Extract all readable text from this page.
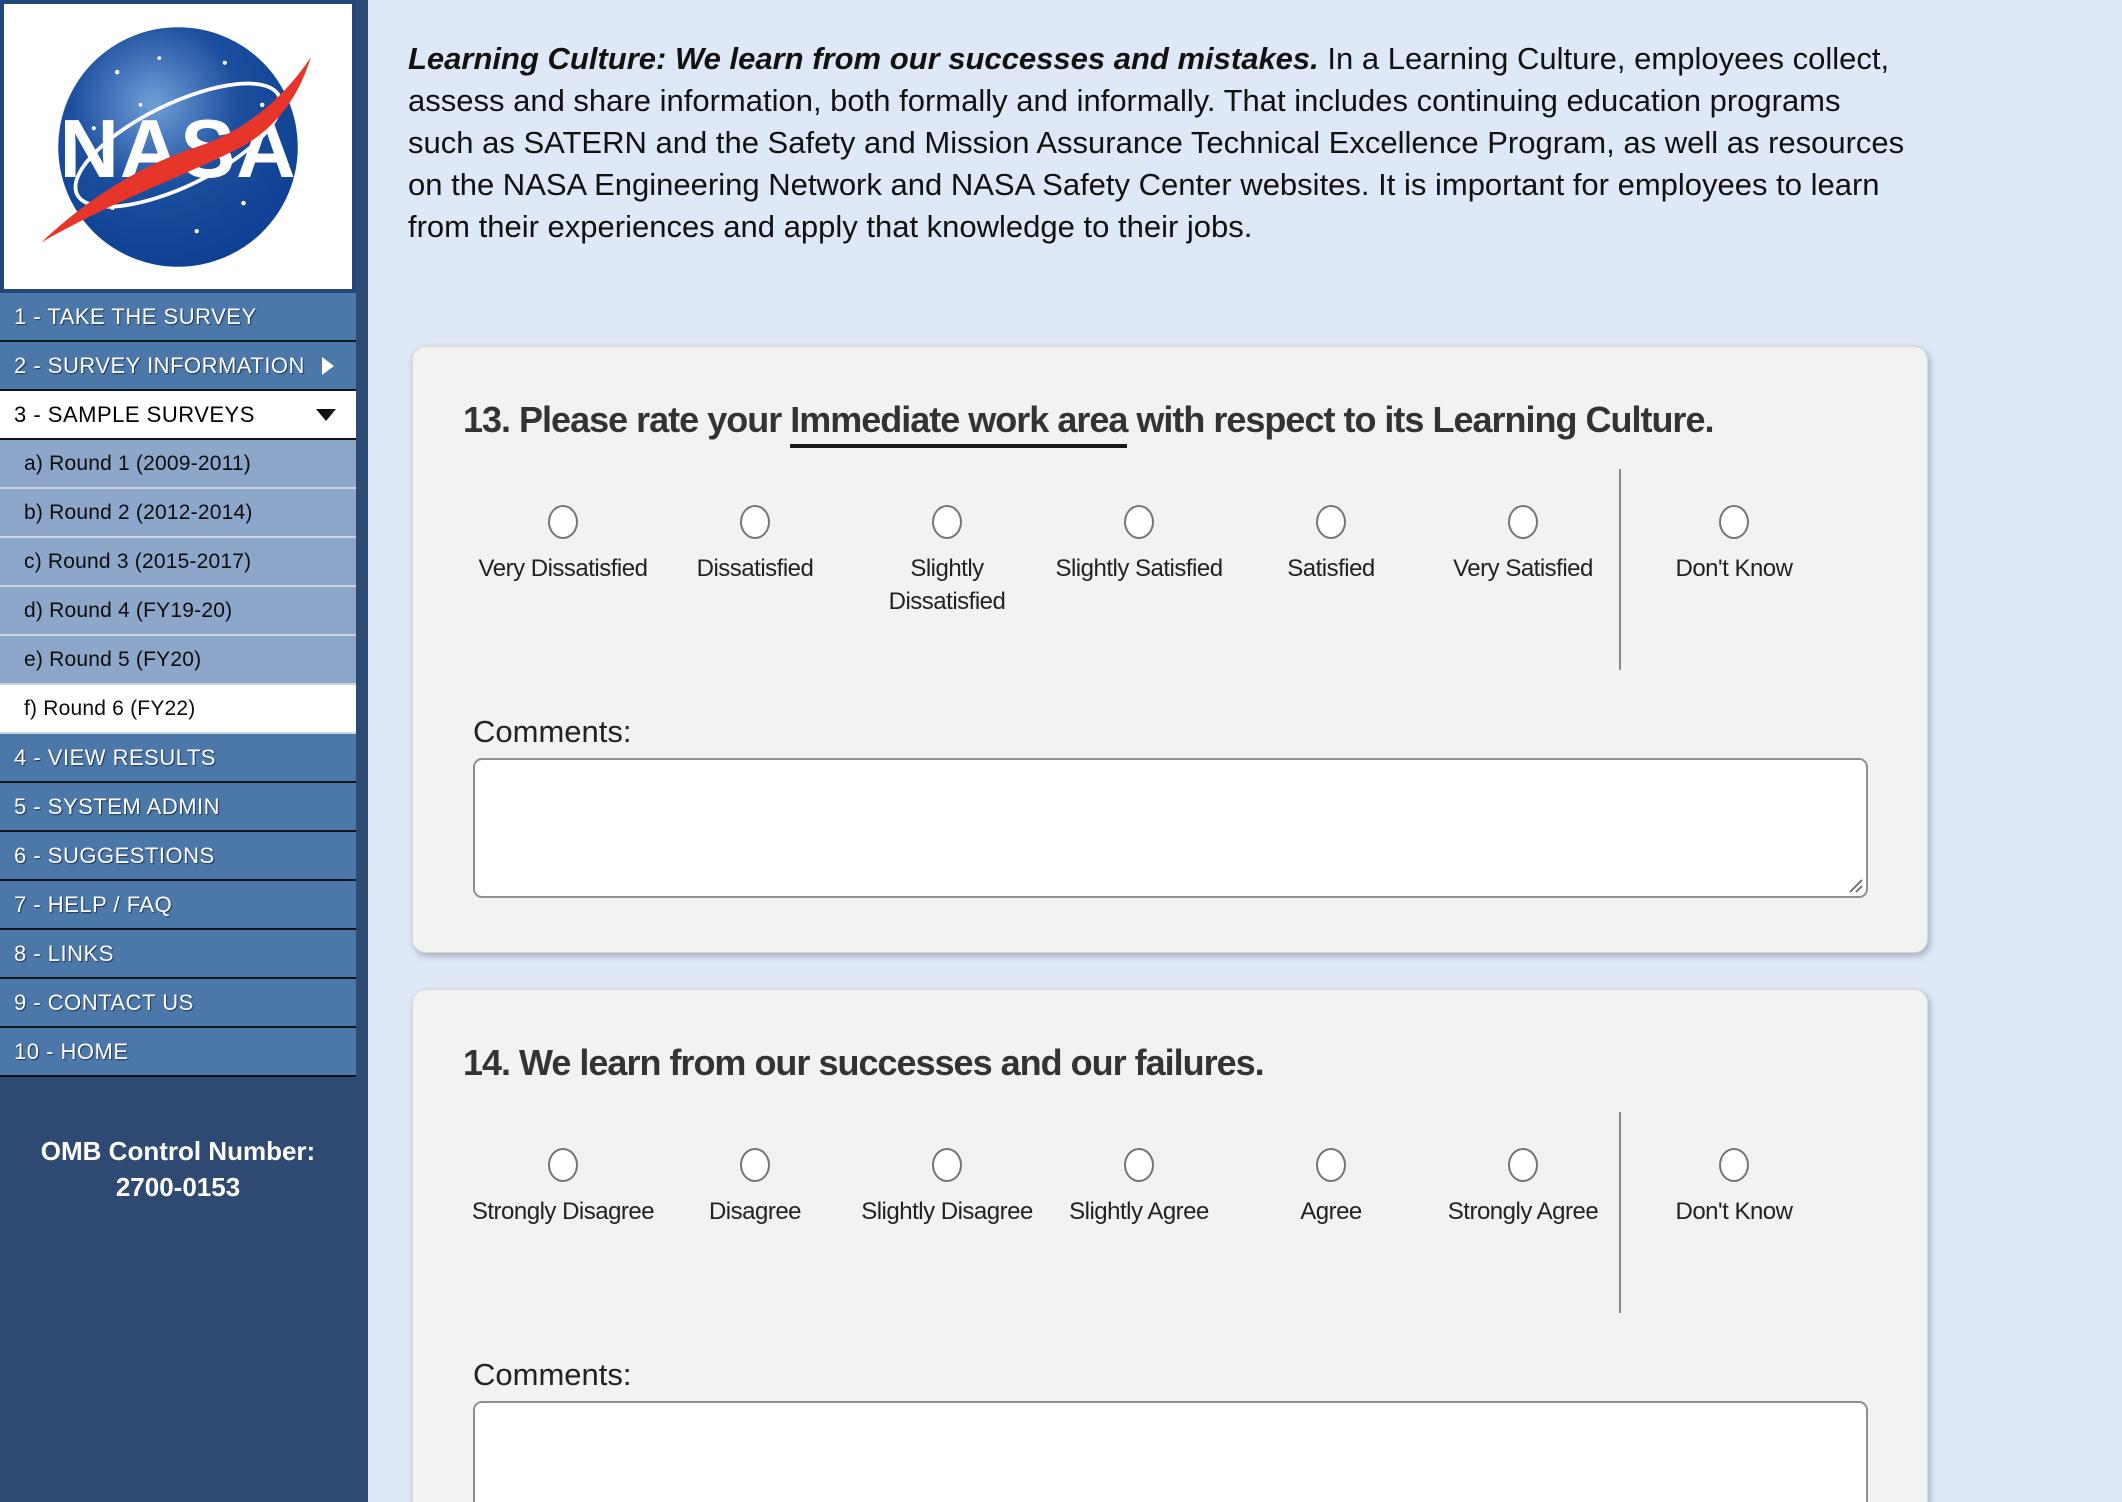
NASA
1 - TAKE THE SURVEY
2 - SURVEY INFORMATION
3 - SAMPLE SURVEYS
a) Round 1 (2009-2011)
b) Round 2 (2012-2014)
c) Round 3 (2015-2017)
d) Round 4 (FY19-20)
e) Round 5 (FY20)
f) Round 6 (FY22)
4 - VIEW RESULTS
5 - SYSTEM ADMIN
6 - SUGGESTIONS
7 - HELP / FAQ
8 - LINKS
9 - CONTACT US
10 - HOME
OMB Control Number:
2700-0153

Learning Culture: We learn from our successes and mistakes. In a Learning Culture, employees collect, assess and share information, both formally and informally. That includes continuing education programs such as SATERN and the Safety and Mission Assurance Technical Excellence Program, as well as resources on the NASA Engineering Network and NASA Safety Center websites. It is important for employees to learn from their experiences and apply that knowledge to their jobs.

13. Please rate your Immediate work area with respect to its Learning Culture.
Very Dissatisfied Dissatisfied	Slightly Dissatisfied
Slightly Satisfied	Satisfied	Very Satisfied	Don't Know
Comments:
14. We learn from our successes and our failures.
Strongly Disagree Disagree	Slightly Disagree Slightly Agree	Agree	Strongly Agree	Don't Know
Comments:
